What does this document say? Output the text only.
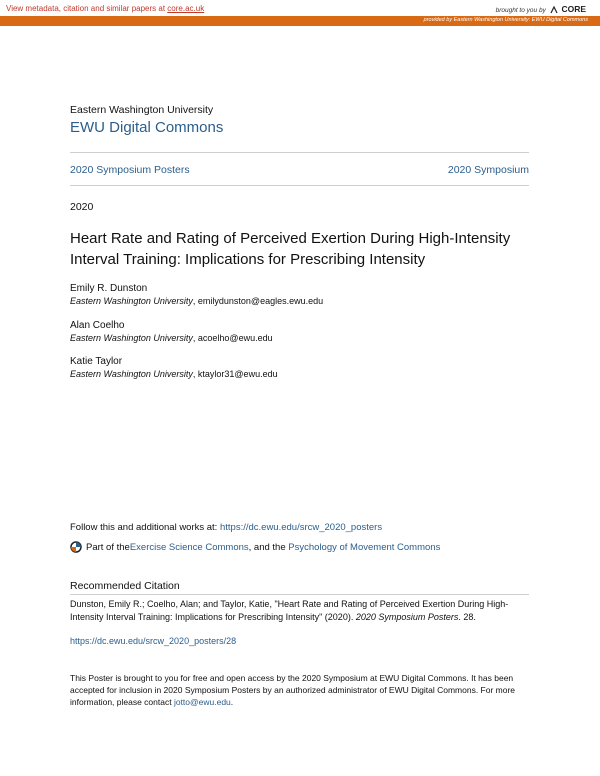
View metadata, citation and similar papers at core.ac.uk	brought to you by CORE
provided by Eastern Washington University: EWU Digital Commons
Eastern Washington University
EWU Digital Commons
2020 Symposium Posters	2020 Symposium
2020
Heart Rate and Rating of Perceived Exertion During High-Intensity Interval Training: Implications for Prescribing Intensity
Emily R. Dunston
Eastern Washington University, emilydunston@eagles.ewu.edu
Alan Coelho
Eastern Washington University, acoelho@ewu.edu
Katie Taylor
Eastern Washington University, ktaylor31@ewu.edu
Follow this and additional works at: https://dc.ewu.edu/srcw_2020_posters
Part of the Exercise Science Commons , and the Psychology of Movement Commons
Recommended Citation
Dunston, Emily R.; Coelho, Alan; and Taylor, Katie, "Heart Rate and Rating of Perceived Exertion During High-Intensity Interval Training: Implications for Prescribing Intensity" (2020). 2020 Symposium Posters. 28.
https://dc.ewu.edu/srcw_2020_posters/28
This Poster is brought to you for free and open access by the 2020 Symposium at EWU Digital Commons. It has been accepted for inclusion in 2020 Symposium Posters by an authorized administrator of EWU Digital Commons. For more information, please contact jotto@ewu.edu.
